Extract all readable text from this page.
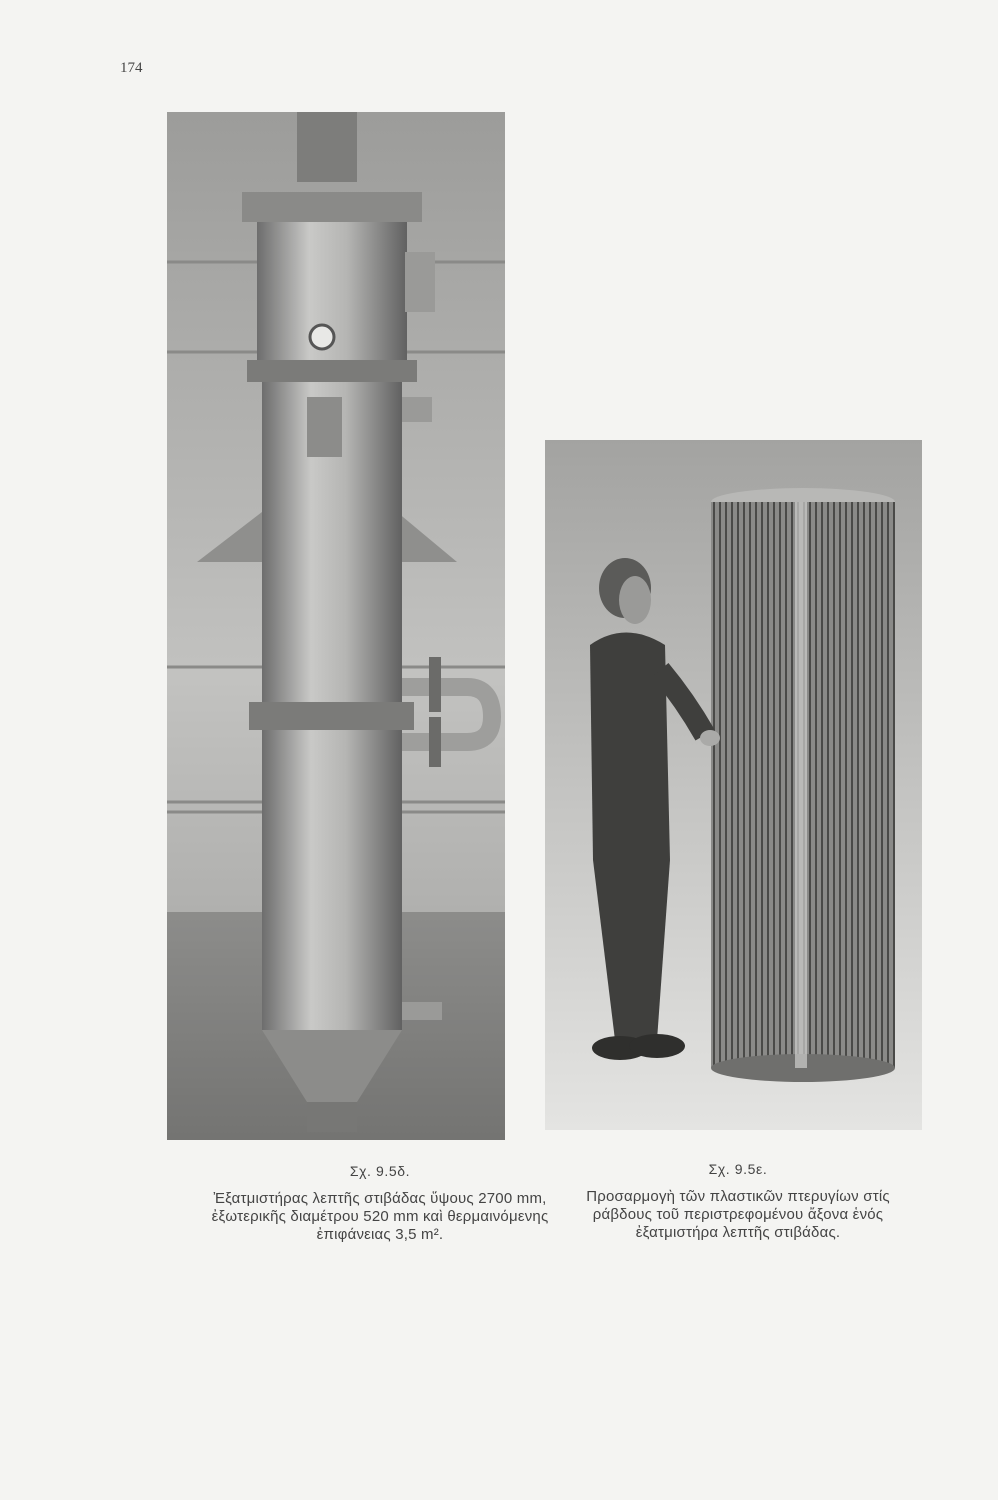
174
Σχ. 9.5δ.
Ἐξατμιστήρας λεπτῆς στιβάδας ὕψους 2700 mm,
ἐξωτερικῆς διαμέτρου 520 mm καὶ θερμαινόμενης
ἐπιφάνειας 3,5 m².
Σχ. 9.5ε.
Προσαρμογὴ τῶν πλαστικῶν πτερυγίων στίς
ράβδους τοῦ περιστρεφομένου ἄξονα ἑνός
ἐξατμιστήρα λεπτῆς στιβάδας.
